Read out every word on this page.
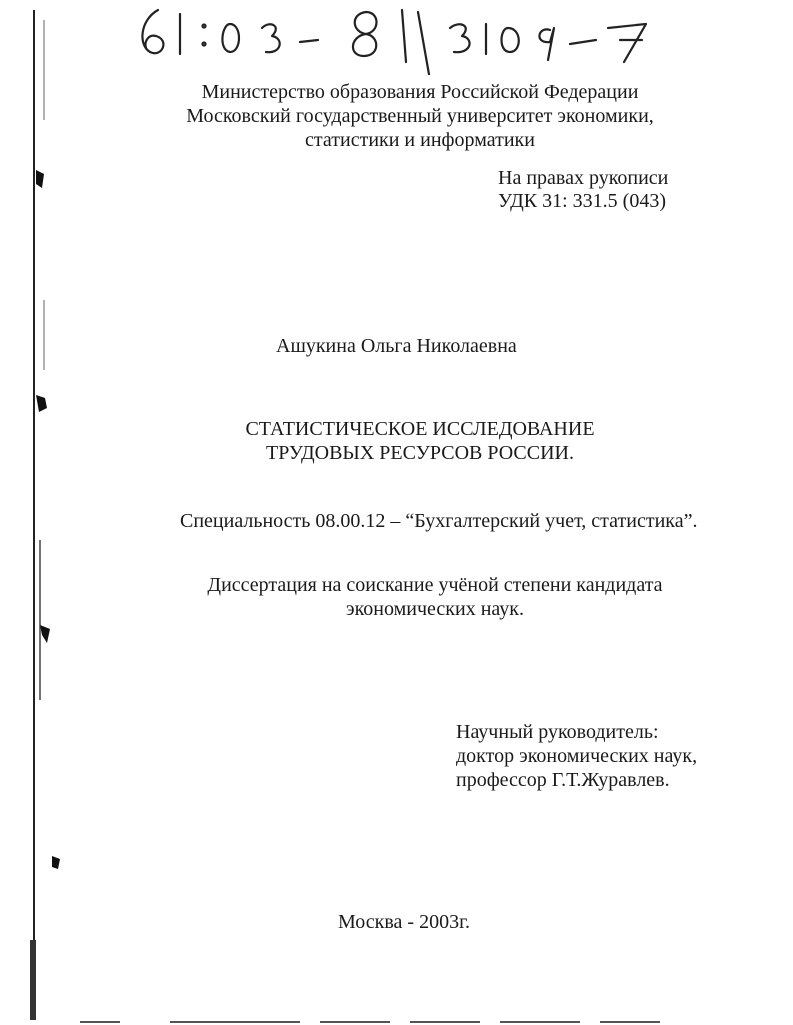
61: 03-8/3109-7
Министерство образования Российской Федерации
Московский государственный университет экономики,
статистики и информатики
На правах рукописи
УДК 31: 331.5 (043)
Ашукина Ольга Николаевна
СТАТИСТИЧЕСКОЕ ИССЛЕДОВАНИЕ
ТРУДОВЫХ РЕСУРСОВ РОССИИ.
Специальность 08.00.12 – “Бухгалтерский учет, статистика”.
Диссертация на соискание учёной степени кандидата
экономических наук.
Научный руководитель:
доктор экономических наук,
профессор Г.Т.Журавлев.
Москва - 2003г.
